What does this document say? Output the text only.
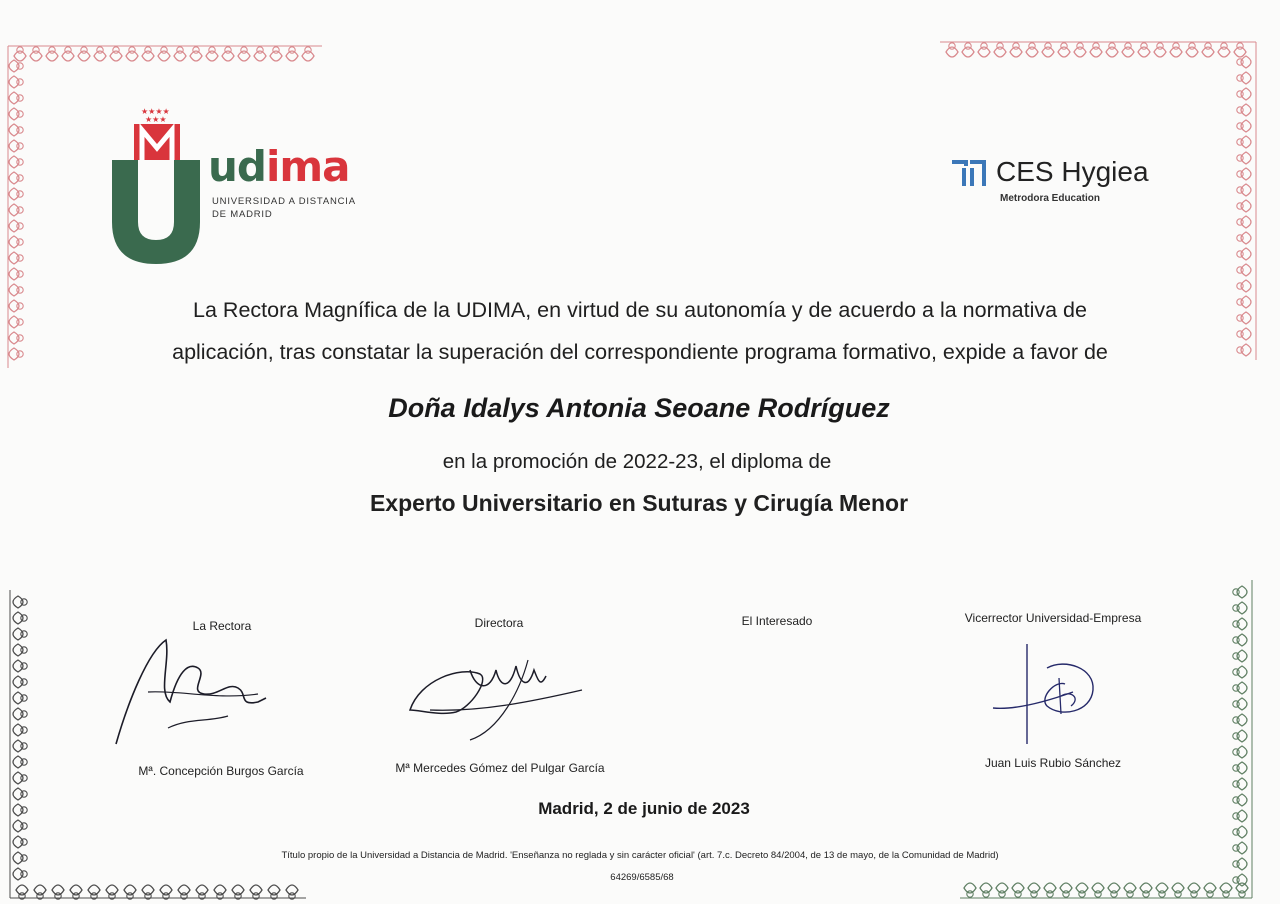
★★★★
★★★
udima
UNIVERSIDAD A DISTANCIA
DE MADRID
CES Hygiea
Metrodora Education
La Rectora Magnífica de la UDIMA, en virtud de su autonomía y de acuerdo a la normativa de
aplicación, tras constatar la superación del correspondiente programa formativo, expide a favor de
Doña Idalys Antonia Seoane Rodríguez
en la promoción de 2022-23, el diploma de
Experto Universitario en Suturas y Cirugía Menor
La Rectora	Directora	El Interesado	Vicerrector Universidad-Empresa
Mª. Concepción Burgos García	Mª Mercedes Gómez del Pulgar García	Juan Luis Rubio Sánchez
Madrid, 2 de junio de 2023
Título propio de la Universidad a Distancia de Madrid. 'Enseñanza no reglada y sin carácter oficial' (art. 7.c. Decreto 84/2004, de 13 de mayo, de la Comunidad de Madrid)
64269/6585/68
